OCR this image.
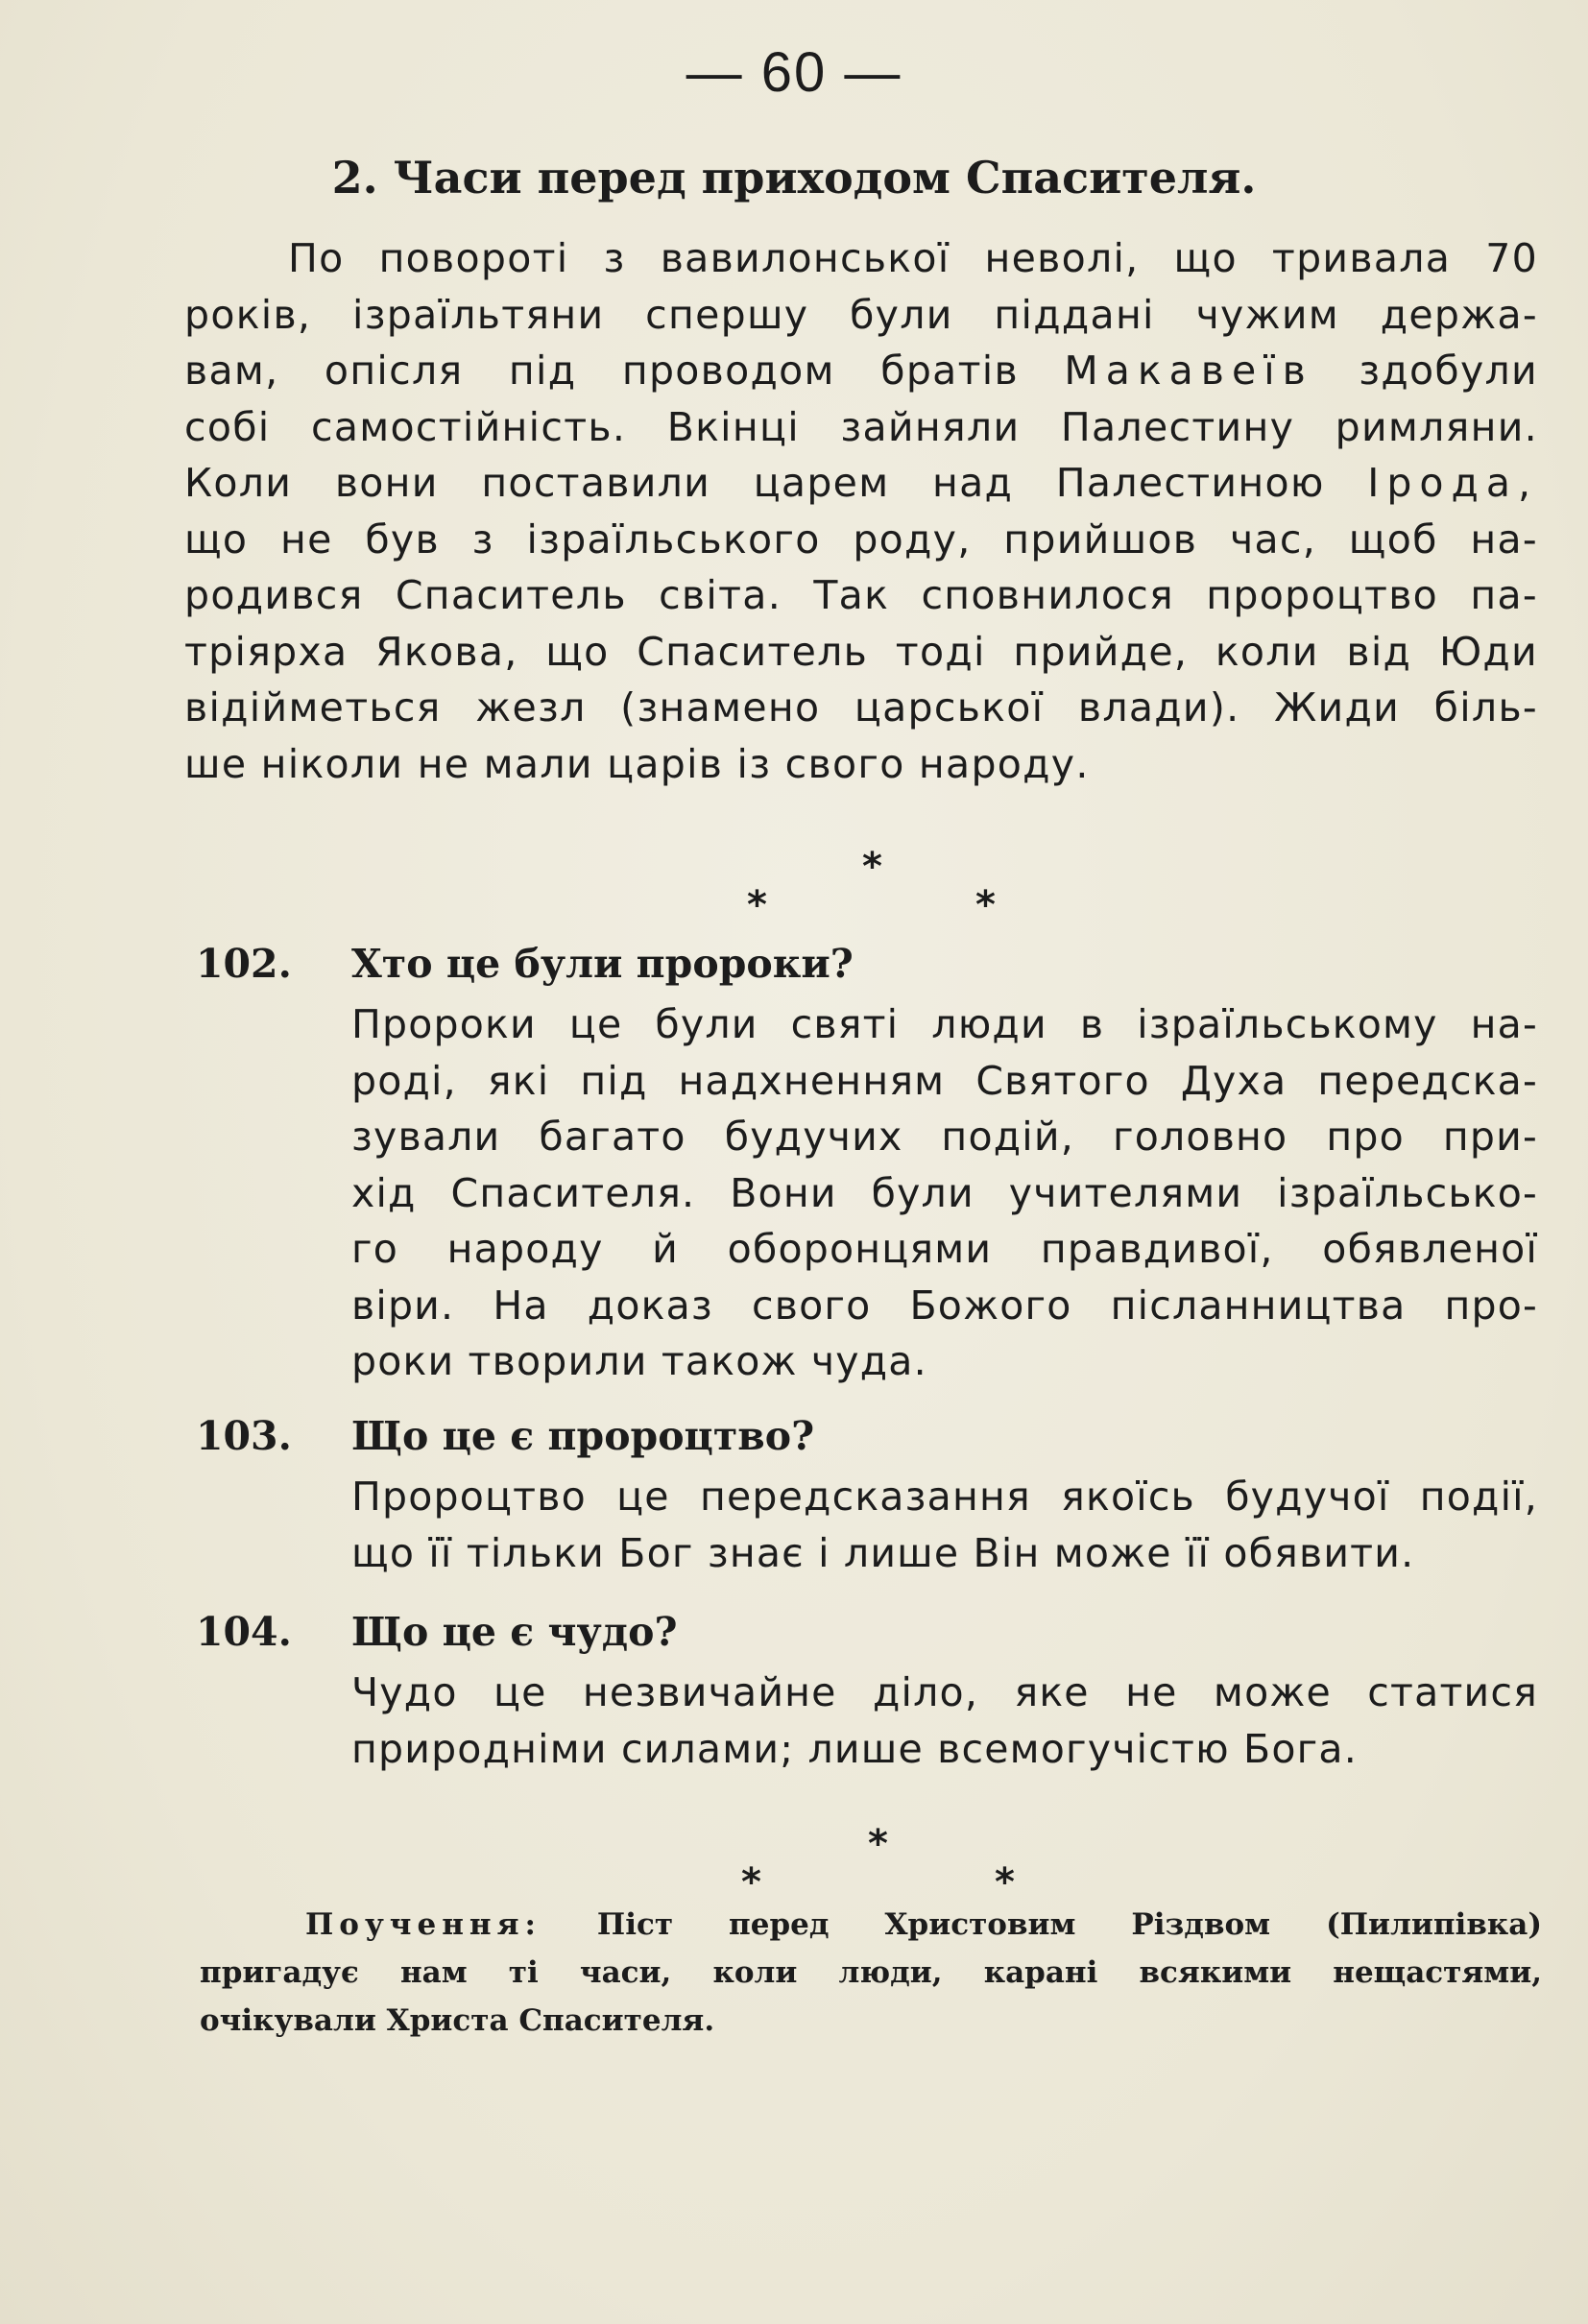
— 60 —
2. Часи перед приходом Спасителя.
По повороті з вавилонської неволі, що тривала 70
років, ізраїльтяни спершу були піддані чужим держа-
вам, опісля під проводом братів Макавеїв здобули
собі самостійність. Вкінці зайняли Палестину римляни.
Коли вони поставили царем над Палестиною Ірода,
що не був з ізраїльського роду, прийшов час, щоб на-
родився Спаситель світа. Так сповнилося пророцтво па-
тріярха Якова, що Спаситель тоді прийде, коли від Юди
відійметься жезл (знамено царської влади). Жиди біль-
ше ніколи не мали царів із свого народу.
*
*	*
102. Хто це були пророки?
Пророки це були святі люди в ізраїльському на-
роді, які під надхненням Святого Духа передска-
зували багато будучих подій, головно про при-
хід Спасителя. Вони були учителями ізраїльсько-
го народу й оборонцями правдивої, обявленої
віри. На доказ свого Божого післанництва про-
роки творили також чуда.
103. Що це є пророцтво?
Пророцтво це передсказання якоїсь будучої події,
що її тільки Бог знає і лише Він може її обявити.
104. Що це є чудо?
Чудо це незвичайне діло, яке не може статися
природніми силами; лише всемогучістю Бога.
*
*	*
Поучення: Піст перед Христовим Різдвом (Пилипівка)
пригадує нам ті часи, коли люди, карані всякими нещастями,
очікували Христа Спасителя.
